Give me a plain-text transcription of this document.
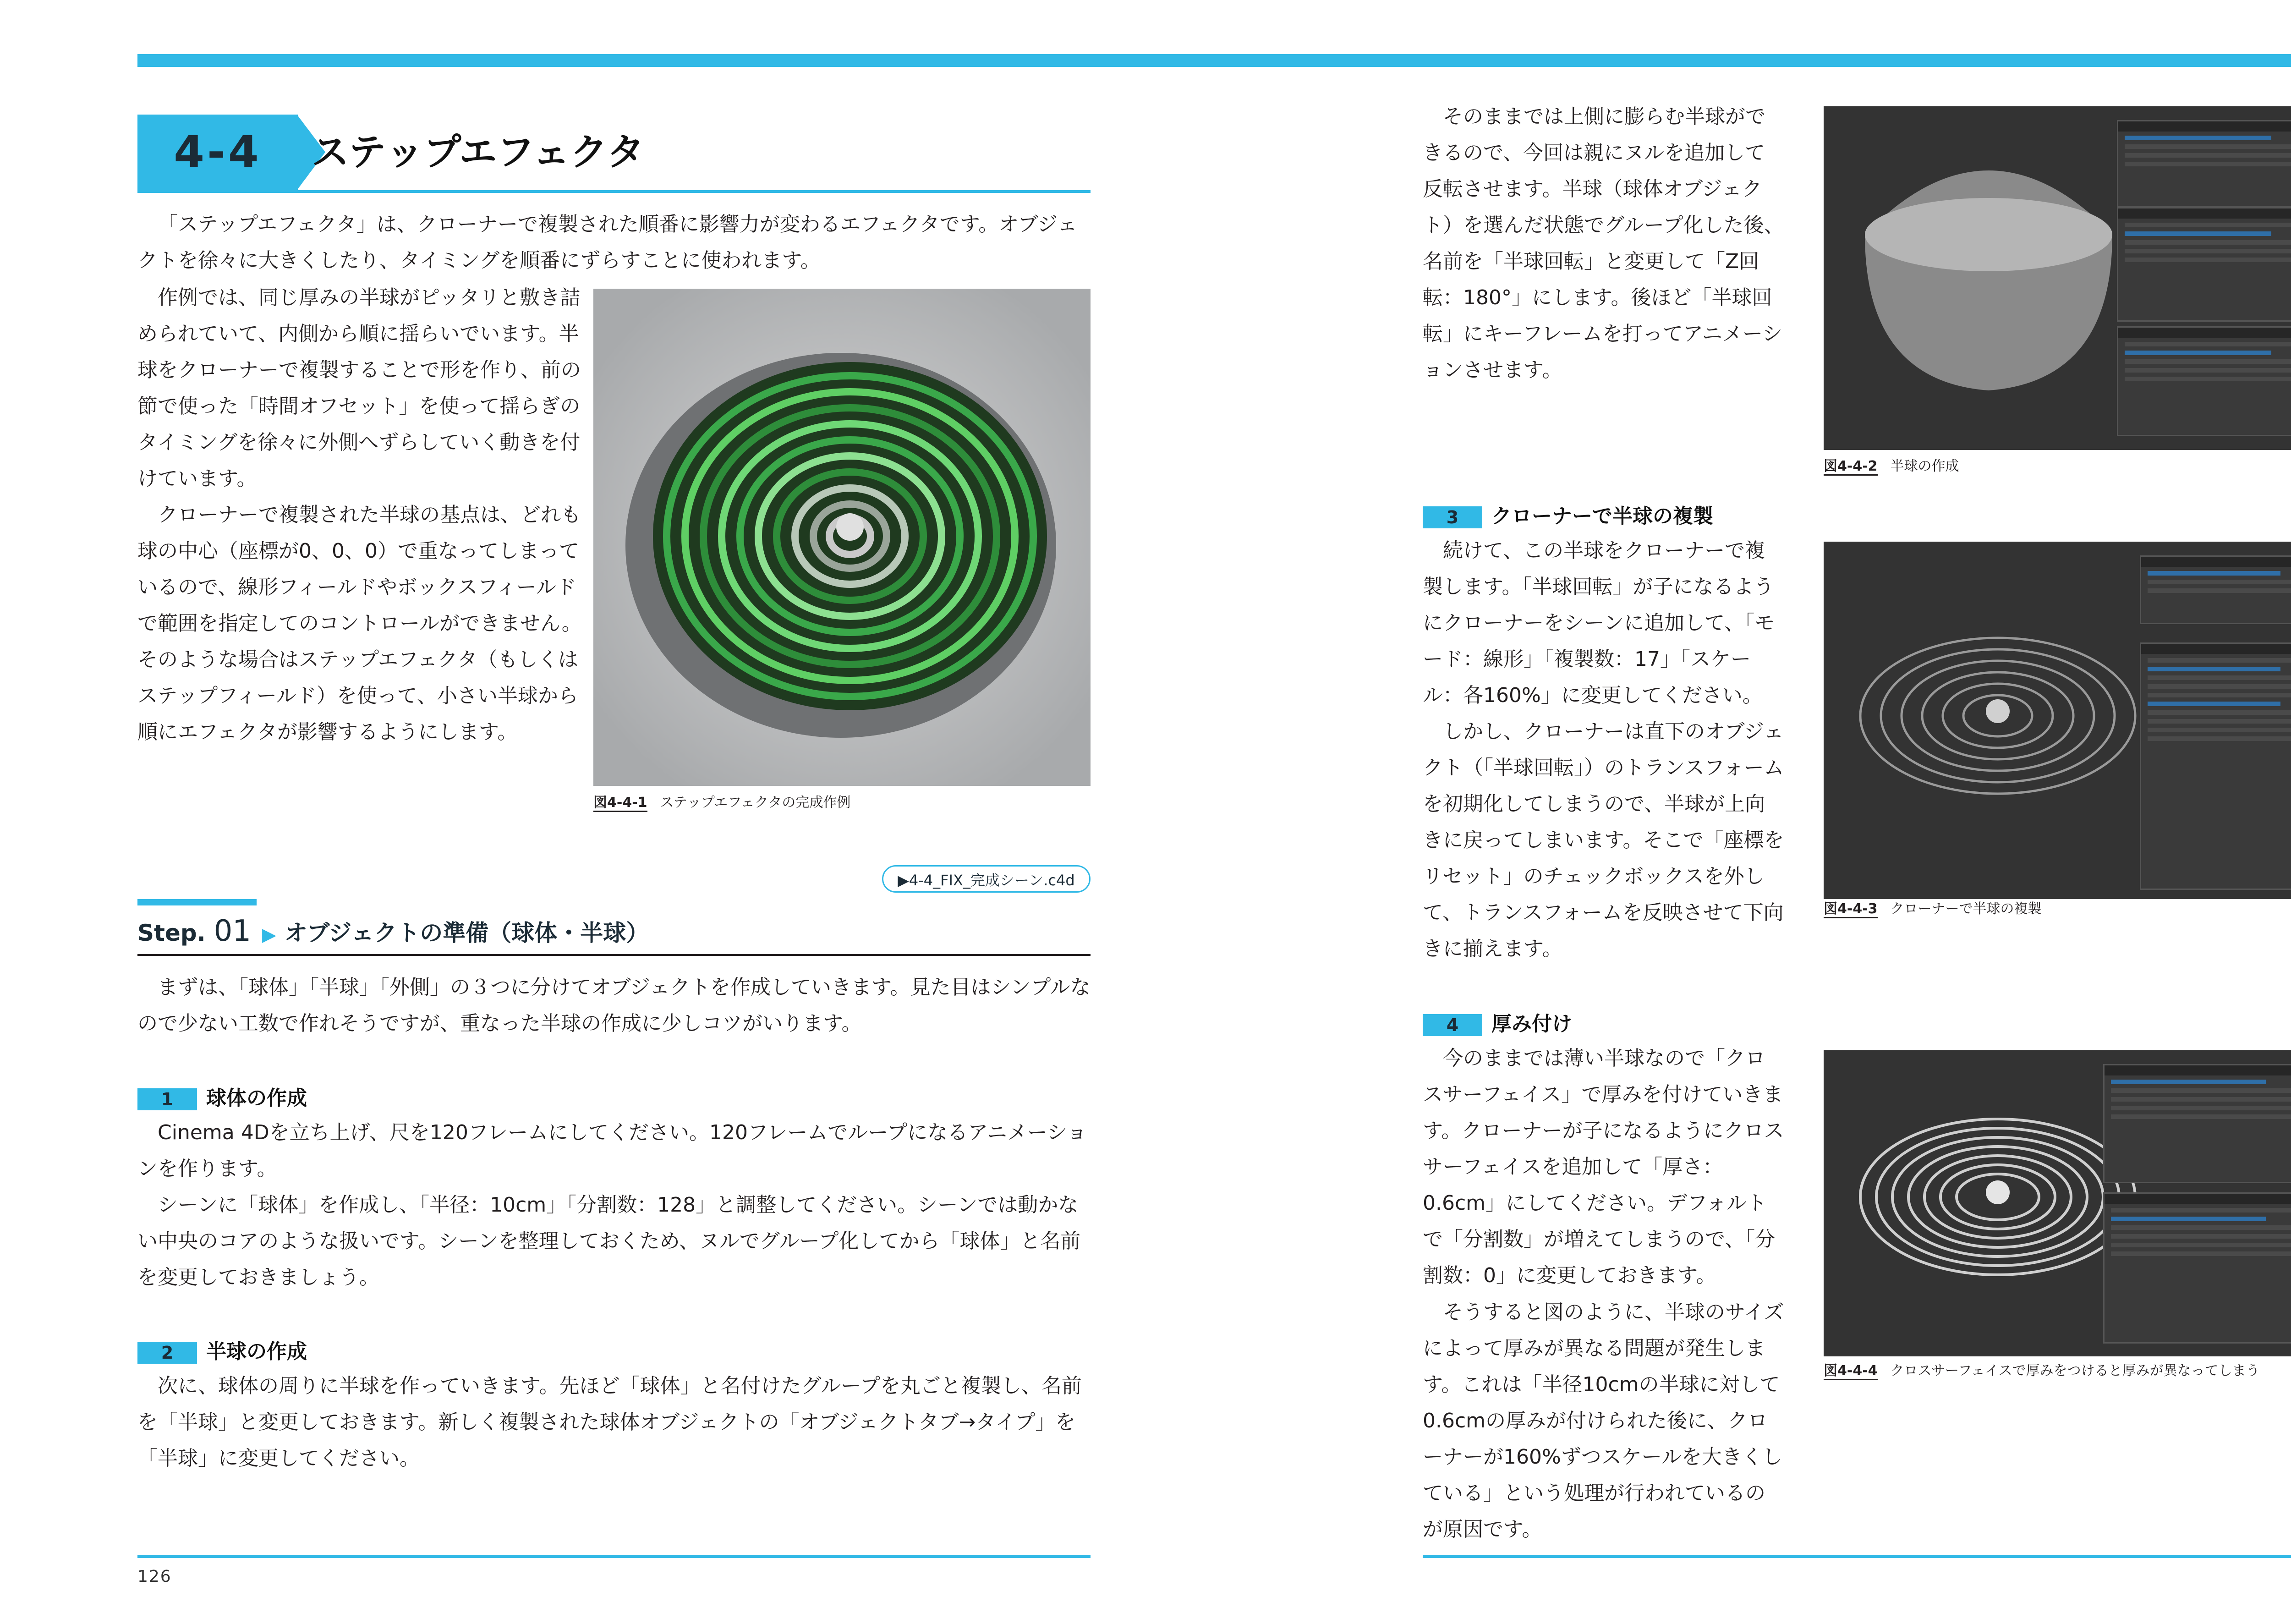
4-4	ステップエフェクタ

「ステップエフェクタ」は、クローナーで複製された順番に影響力が変わるエフェクタです。オブジェクトを徐々に大きくしたり、タイミングを順番にずらすことに使われます。

作例では、同じ厚みの半球がピッタリと敷き詰められていて、内側から順に揺らいでいます。半球をクローナーで複製することで形を作り、前の節で使った「時間オフセット」を使って揺らぎのタイミングを徐々に外側へずらしていく動きを付けています。

クローナーで複製された半球の基点は、どれも球の中心（座標が0、0、0）で重なってしまっているので、線形フィールドやボックスフィールドで範囲を指定してのコントロールができません。そのような場合はステップエフェクタ（もしくはステップフィールド）を使って、小さい半球から順にエフェクタが影響するようにします。

図4-4-1 ステップエフェクタの完成作例
▶4-4_FIX_完成シーン.c4d
Step. 01 ▶ オブジェクトの準備（球体・半球）

まずは、「球体」「半球」「外側」の３つに分けてオブジェクトを作成していきます。見た目はシンプルなので少ない工数で作れそうですが、重なった半球の作成に少しコツがいります。

1 球体の作成

Cinema 4Dを立ち上げ、尺を120フレームにしてください。120フレームでループになるアニメーションを作ります。

シーンに「球体」を作成し、「半径：10cm」「分割数：128」と調整してください。シーンでは動かない中央のコアのような扱いです。シーンを整理しておくため、ヌルでグループ化してから「球体」と名前を変更しておきましょう。

2 半球の作成

次に、球体の周りに半球を作っていきます。先ほど「球体」と名付けたグループを丸ごと複製し、名前を「半球」と変更しておきます。新しく複製された球体オブジェクトの「オブジェクトタブ→タイプ」を「半球」に変更してください。

そのままでは上側に膨らむ半球ができるので、今回は親にヌルを追加して反転させます。半球（球体オブジェクト）を選んだ状態でグループ化した後、名前を「半球回転」と変更して「Z回転：180°」にします。後ほど「半球回転」にキーフレームを打ってアニメーションさせます。

図4-4-2 半球の作成
3 クローナーで半球の複製

続けて、この半球をクローナーで複製します。「半球回転」が子になるようにクローナーをシーンに追加して、「モード：線形」「複製数：17」「スケール：各160%」に変更してください。

しかし、クローナーは直下のオブジェクト（「半球回転」）のトランスフォームを初期化してしまうので、半球が上向きに戻ってしまいます。そこで「座標をリセット」のチェックボックスを外して、トランスフォームを反映させて下向きに揃えます。

図4-4-3 クローナーで半球の複製
4 厚み付け

今のままでは薄い半球なので「クロスサーフェイス」で厚みを付けていきます。クローナーが子になるようにクロスサーフェイスを追加して「厚さ：0.6cm」にしてください。デフォルトで「分割数」が増えてしまうので、「分割数：0」に変更しておきます。

そうすると図のように、半球のサイズによって厚みが異なる問題が発生します。これは「半径10cmの半球に対して0.6cmの厚みが付けられた後に、クローナーが160%ずつスケールを大きくしている」という処理が行われているのが原因です。

図4-4-4 クロスサーフェイスで厚みをつけると厚みが異なってしまう
126
